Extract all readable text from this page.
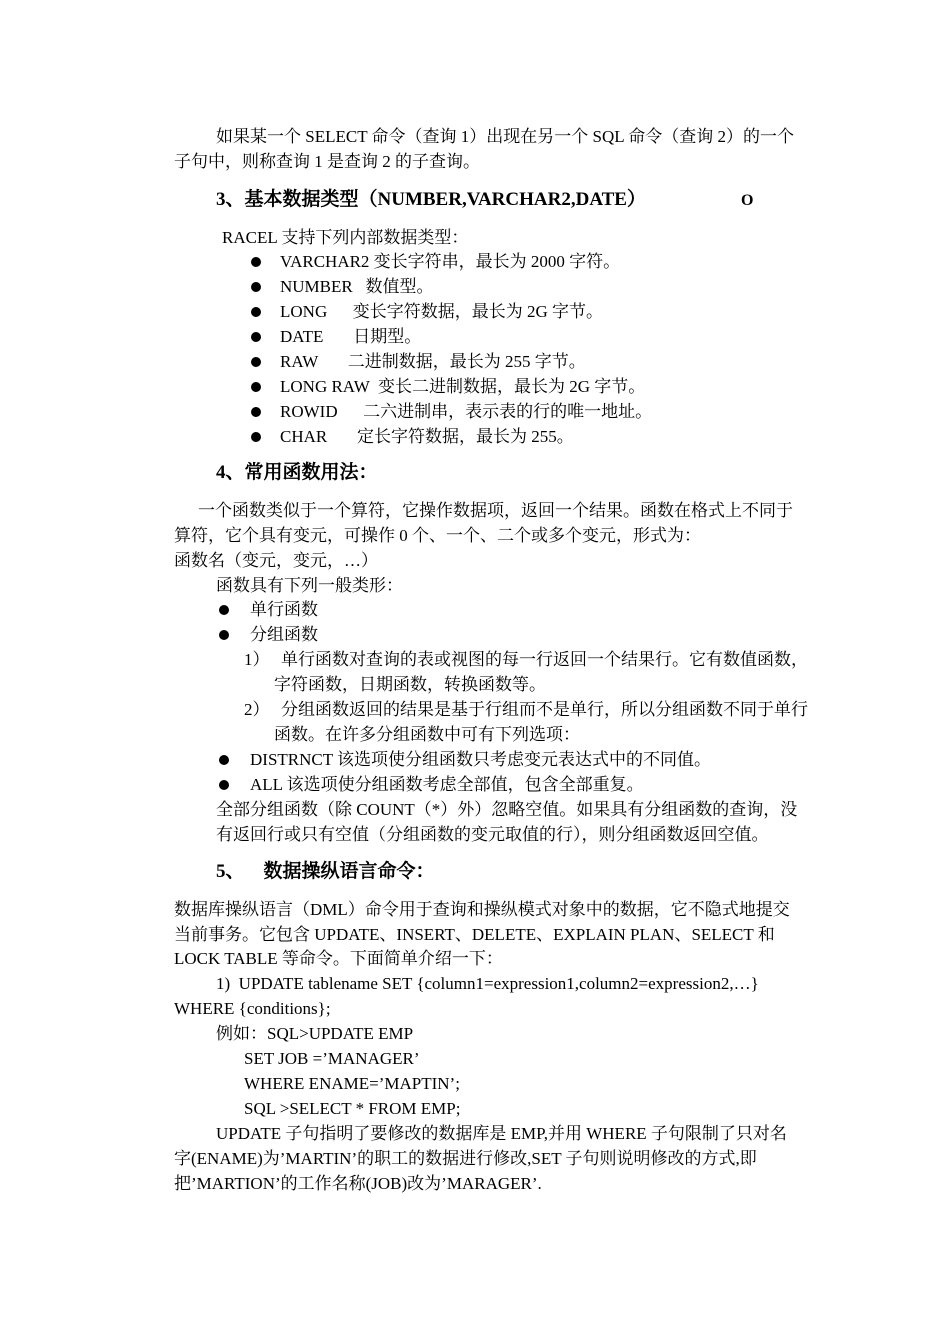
如果某一个 SELECT 命令（查询 1）出现在另一个 SQL 命令（查询 2）的一个
子句中，则称查询 1 是查询 2 的子查询。
3、基本数据类型（NUMBER,VARCHAR2,DATE）	O
RACEL 支持下列内部数据类型：
VARCHAR2 变长字符串，最长为 2000 字符。
NUMBER   数值型。
LONG      变长字符数据，最长为 2G 字节。
DATE       日期型。
RAW       二进制数据，最长为 255 字节。
LONG RAW  变长二进制数据，最长为 2G 字节。
ROWID      二六进制串，表示表的行的唯一地址。
CHAR       定长字符数据，最长为 255。
4、常用函数用法：
一个函数类似于一个算符，它操作数据项，返回一个结果。函数在格式上不同于
算符，它个具有变元，可操作 0 个、一个、二个或多个变元，形式为：
函数名（变元，变元，…）
函数具有下列一般类形：
单行函数
分组函数
1） 单行函数对查询的表或视图的每一行返回一个结果行。它有数值函数，
字符函数，日期函数，转换函数等。
2） 分组函数返回的结果是基于行组而不是单行，所以分组函数不同于单行
函数。在许多分组函数中可有下列选项：
DISTRNCT 该选项使分组函数只考虑变元表达式中的不同值。
ALL 该选项使分组函数考虑全部值，包含全部重复。
全部分组函数（除 COUNT（*）外）忽略空值。如果具有分组函数的查询，没
有返回行或只有空值（分组函数的变元取值的行），则分组函数返回空值。
5、    数据操纵语言命令：
数据库操纵语言（DML）命令用于查询和操纵模式对象中的数据，它不隐式地提交
当前事务。它包含 UPDATE、INSERT、DELETE、EXPLAIN PLAN、SELECT 和
LOCK TABLE 等命令。下面简单介绍一下：
1)  UPDATE tablename SET {column1=expression1,column2=expression2,…}
WHERE {conditions};
例如：SQL>UPDATE EMP
SET JOB =’MANAGER’
WHERE ENAME=’MAPTIN’;
SQL >SELECT * FROM EMP;
UPDATE 子句指明了要修改的数据库是 EMP,并用 WHERE 子句限制了只对名
字(ENAME)为’MARTIN’的职工的数据进行修改,SET 子句则说明修改的方式,即
把’MARTION’的工作名称(JOB)改为’MARAGER’.
